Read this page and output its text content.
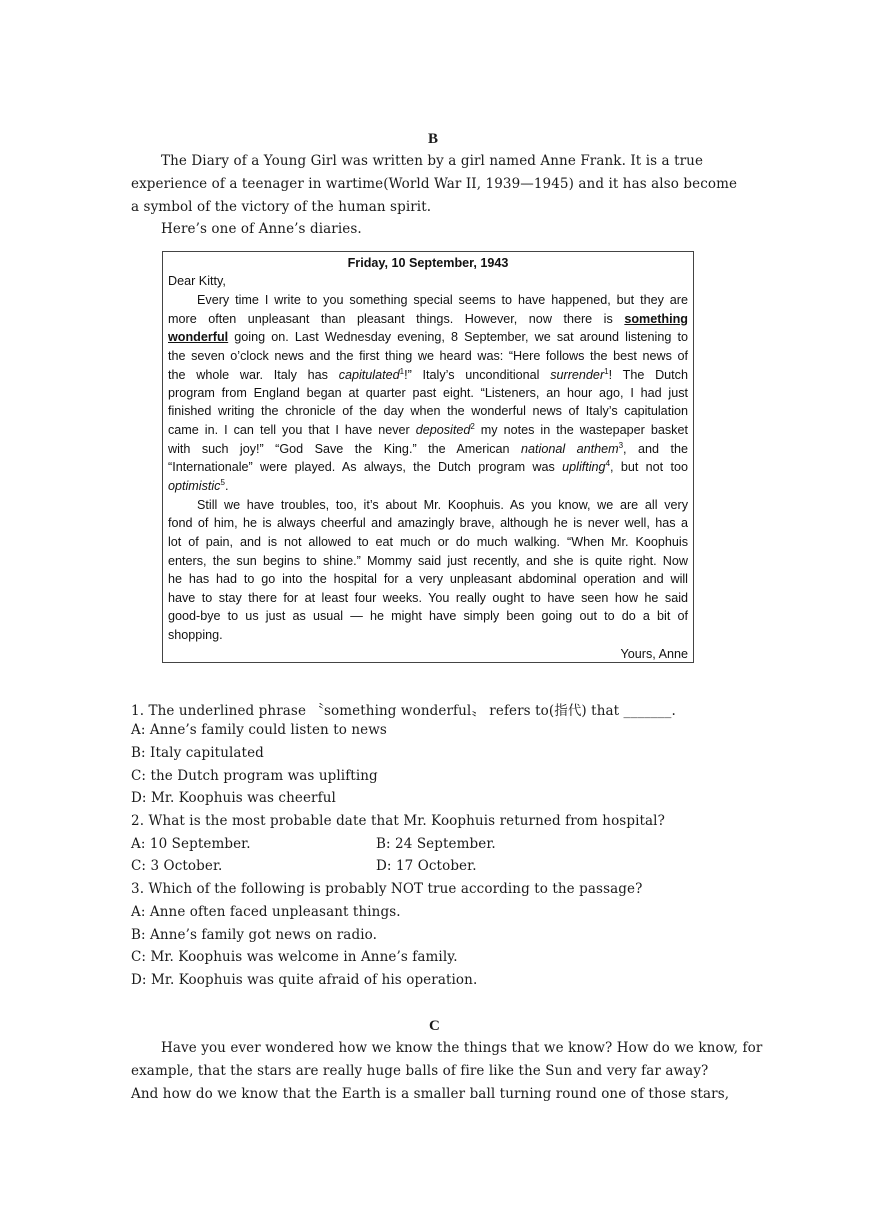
B
The Diary of a Young Girl was written by a girl named Anne Frank. It is a true
experience of a teenager in wartime(World War II, 1939—1945) and it has also become
a symbol of the victory of the human spirit.
Here’s one of Anne’s diaries.
Friday, 10 September, 1943
Dear Kitty,
Every time I write to you something special seems to have happened, but they are
more often unpleasant than pleasant things. However, now there is something
wonderful going on. Last Wednesday evening, 8 September, we sat around listening to
the seven o’clock news and the first thing we heard was: “Here follows the best news of
the whole war. Italy has capitulated$^1$!” Italy’s unconditional surrender$^1$! The Dutch
program from England began at quarter past eight. “Listeners, an hour ago, I had just
finished writing the chronicle of the day when the wonderful news of Italy’s capitulation
came in. I can tell you that I have never deposited$^2$ my notes in the wastepaper basket
with such joy!” “God Save the King.” the American national anthem$^3$, and the
“Internationale” were played. As always, the Dutch program was uplifting$^4$, but not too
optimistic$^5$.
Still we have troubles, too, it’s about Mr. Koophuis. As you know, we are all very
fond of him, he is always cheerful and amazingly brave, although he is never well, has a
lot of pain, and is not allowed to eat much or do much walking. “When Mr. Koophuis
enters, the sun begins to shine.” Mommy said just recently, and she is quite right. Now
he has had to go into the hospital for a very unpleasant abdominal operation and will
have to stay there for at least four weeks. You really ought to have seen how he said
good-bye to us just as usual — he might have simply been going out to do a bit of
shopping.
Yours, Anne
1. The underlined phrase 〝something wonderful〟 refers to(指代) that _______.
A: Anne’s family could listen to news
B: Italy capitulated
C: the Dutch program was uplifting
D: Mr. Koophuis was cheerful
2. What is the most probable date that Mr. Koophuis returned from hospital?
A: 10 September.	B: 24 September.
C: 3 October.	D: 17 October.
3. Which of the following is probably NOT true according to the passage?
A: Anne often faced unpleasant things.
B: Anne’s family got news on radio.
C: Mr. Koophuis was welcome in Anne’s family.
D: Mr. Koophuis was quite afraid of his operation.
C
Have you ever wondered how we know the things that we know? How do we know, for
example, that the stars are really huge balls of fire like the Sun and very far away?
And how do we know that the Earth is a smaller ball turning round one of those stars,
